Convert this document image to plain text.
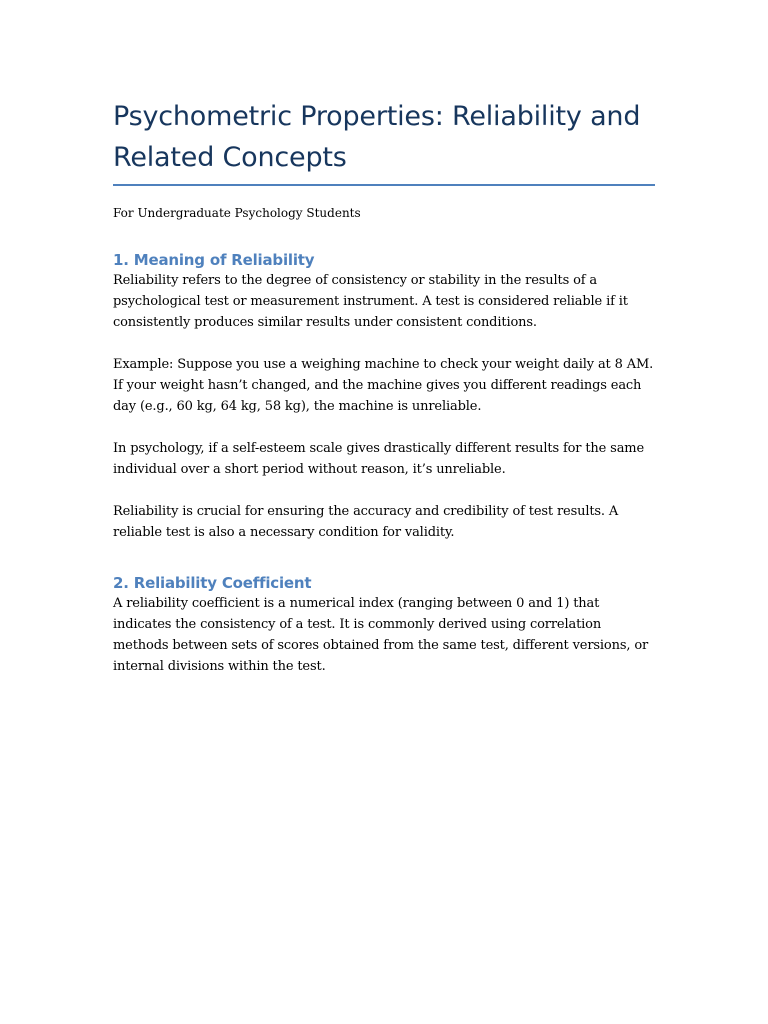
Psychometric Properties: Reliability and Related Concepts

For Undergraduate Psychology Students

1. Meaning of Reliability

Reliability refers to the degree of consistency or stability in the results of a psychological test or measurement instrument. A test is considered reliable if it consistently produces similar results under consistent conditions.

Example: Suppose you use a weighing machine to check your weight daily at 8 AM. If your weight hasn’t changed, and the machine gives you different readings each day (e.g., 60 kg, 64 kg, 58 kg), the machine is unreliable.

In psychology, if a self-esteem scale gives drastically different results for the same individual over a short period without reason, it’s unreliable.

Reliability is crucial for ensuring the accuracy and credibility of test results. A reliable test is also a necessary condition for validity.

2. Reliability Coefficient

A reliability coefficient is a numerical index (ranging between 0 and 1) that indicates the consistency of a test. It is commonly derived using correlation methods between sets of scores obtained from the same test, different versions, or internal divisions within the test.
